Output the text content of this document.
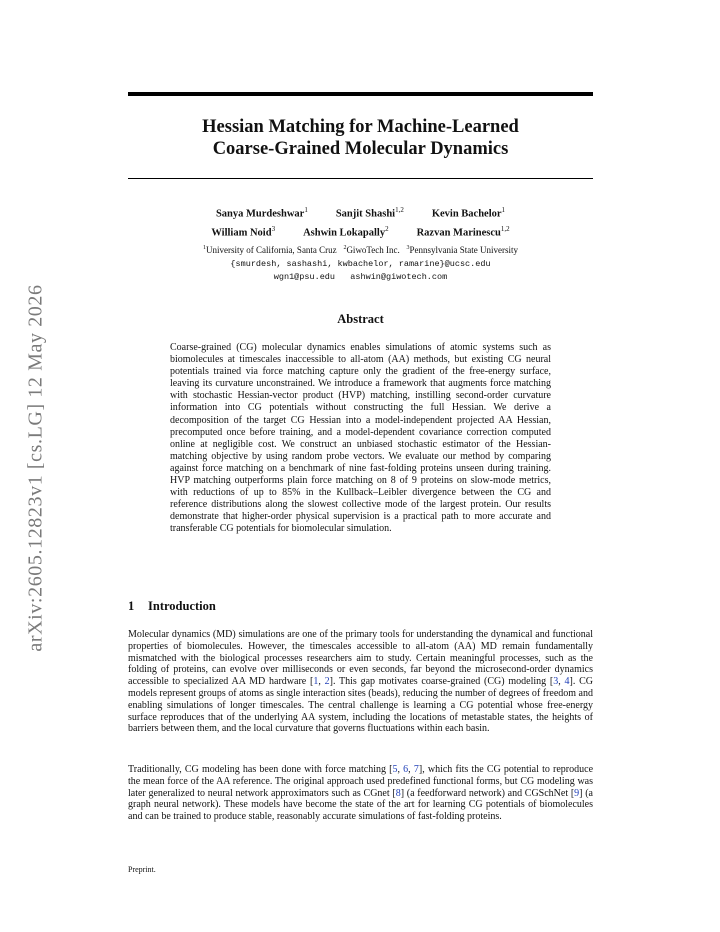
arXiv:2605.12823v1 [cs.LG] 12 May 2026
Hessian Matching for Machine-Learned
Coarse-Grained Molecular Dynamics
Sanya Murdeshwar$^1$	Sanjit Shashi$^{1,2}$	Kevin Bachelor$^1$
William Noid$^3$	Ashwin Lokapally$^2$	Razvan Marinescu$^{1,2}$
$^1$University of California, Santa Cruz $^2$GiwoTech Inc. $^3$Pennsylvania State University
{smurdesh, sashashi, kwbachelor, ramarine}@ucsc.edu
wgn1@psu.edu   ashwin@giwotech.com
Abstract
Coarse-grained (CG) molecular dynamics enables simulations of atomic systems such as biomolecules at timescales inaccessible to all-atom (AA) methods, but existing CG neural potentials trained via force matching capture only the gradient of the free-energy surface, leaving its curvature unconstrained. We introduce a framework that augments force matching with stochastic Hessian-vector product (HVP) matching, instilling second-order curvature information into CG potentials without constructing the full Hessian. We derive a decomposition of the target CG Hessian into a model-independent projected AA Hessian, precomputed once before training, and a model-dependent covariance correction computed online at negligible cost. We construct an unbiased stochastic estimator of the Hessian-matching objective by using random probe vectors. We evaluate our method by comparing against force matching on a benchmark of nine fast-folding proteins unseen during training. HVP matching outperforms plain force matching on 8 of 9 proteins on slow-mode metrics, with reductions of up to 85% in the Kullback–Leibler divergence between the CG and reference distributions along the slowest collective mode of the largest protein. Our results demonstrate that higher-order physical supervision is a practical path to more accurate and transferable CG potentials for biomolecular simulation.
1 Introduction
Molecular dynamics (MD) simulations are one of the primary tools for understanding the dynamical and functional properties of biomolecules. However, the timescales accessible to all-atom (AA) MD remain fundamentally mismatched with the biological processes researchers aim to study. Certain meaningful processes, such as the folding of proteins, can evolve over milliseconds or even seconds, far beyond the microsecond-order dynamics accessible to specialized AA MD hardware [1, 2]. This gap motivates coarse-grained (CG) modeling [3, 4]. CG models represent groups of atoms as single interaction sites (beads), reducing the number of degrees of freedom and enabling simulations of longer timescales. The central challenge is learning a CG potential whose free-energy surface reproduces that of the underlying AA system, including the locations of metastable states, the heights of barriers between them, and the local curvature that governs fluctuations within each basin.
Traditionally, CG modeling has been done with force matching [5, 6, 7], which fits the CG potential to reproduce the mean force of the AA reference. The original approach used predefined functional forms, but CG modeling was later generalized to neural network approximators such as CGnet [8] (a feedforward network) and CGSchNet [9] (a graph neural network). These models have become the state of the art for learning CG potentials of biomolecules and can be trained to produce stable, reasonably accurate simulations of fast-folding proteins.
Preprint.
